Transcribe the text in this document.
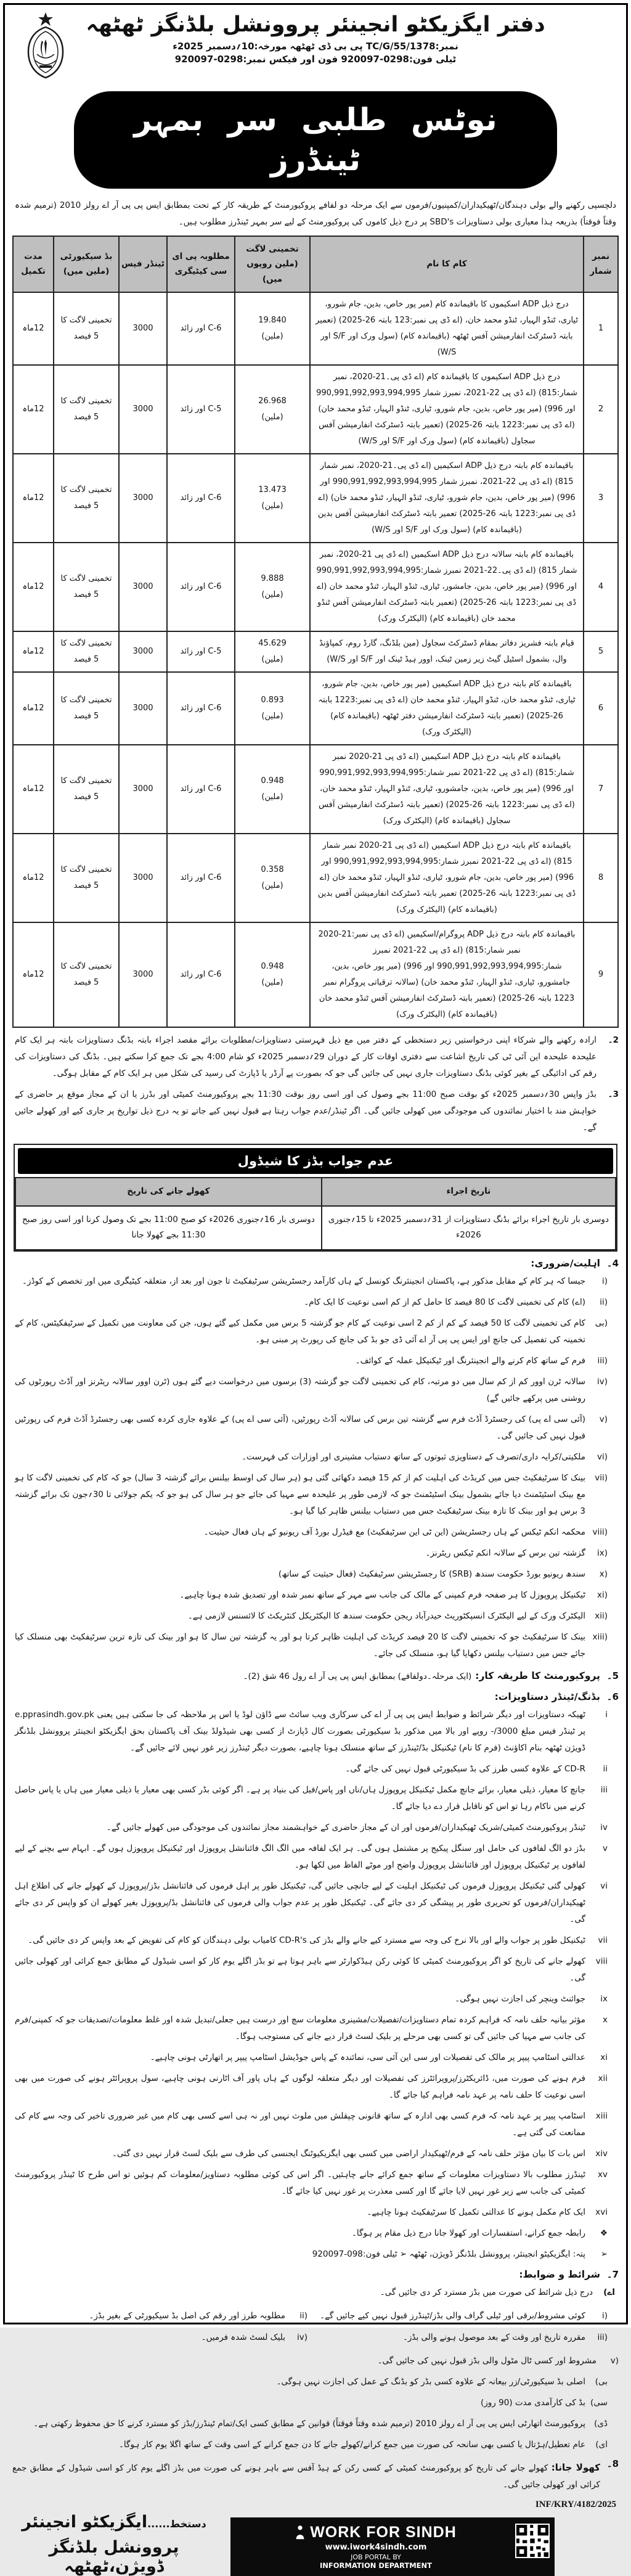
دفتر ایگزیکٹو انجینئر پروونشل بلڈنگز ٹھٹھہ
نمبر:TC/G/55/1378 پی بی ڈی ٹھٹھہ مورخہ:10؍دسمبر 2025ء
ٹیلی فون:0298-920097 فون اور فیکس نمبر:0298-920097
نوٹس طلبی سر بمہر ٹینڈرز

دلچسپی رکھنے والے بولی دہندگان/ٹھیکیداران/کمپنیوں/فرموں سے ایک مرحلہ دو لفافے پروکیورمنٹ کے طریقہ کار کے تحت بمطابق ایس پی پی آر اے رولز 2010 (ترمیم شدہ وقتاً فوقتاً) بذریعہ ہذا معیاری بولی دستاویزات SBD's پر درج ذیل کاموں کی پروکیورمنٹ کے لیے سر بمہر ٹینڈرز مطلوب ہیں۔

نمبر شمار	کام کا نام	تخمینی لاگت (ملین روپوں میں)	مطلوبہ پی ای سی کیٹیگری	ٹینڈر فیس	بڈ سیکیورٹی (ملین میں)	مدت تکمیل
1	درج ذیل ADP اسکیموں کا باقیماندہ کام (میر پور خاص، بدین، جام شورو، ٹیاری، ٹنڈو الہیار، ٹنڈو محمد خان، (اے ڈی پی نمبر:123 بابتہ 26-2025) (تعمیر بابتہ ڈسٹرکٹ انفارمیشن آفس ٹھٹھہ (باقیماندہ کام) (سول ورک اور S/F اور W/S)	19.840
(ملین)	C-6 اور زائد	3000	تخمینی لاگت کا 5 فیصد	12ماہ
2	درج ذیل ADP اسکیموں کا باقیماندہ کام (اے ڈی پی۔21-2020، نمبر شمار:815) (اے ڈی پی 22-2021، نمبرز شمار 990,991,992,993,994,995 اور 996) (میر پور خاص، بدین، جام شورو، ٹیاری، ٹنڈو الہیار، ٹنڈو محمد خان) (اے ڈی پی نمبر:1223 بابتہ 26-2025) (تعمیر بابتہ ڈسٹرکٹ انفارمیشن آفس سجاول (باقیماندہ کام) (سول ورک اور S/F اور W/S)	26.968
(ملین)	C-5 اور زائد	3000	تخمینی لاگت کا 5 فیصد	12ماہ
3	باقیماندہ کام بابتہ درج ذیل ADP اسکیمیں (اے ڈی پی۔21-2020، نمبر شمار 815) (اے ڈی پی 22-2021، نمبرز شمار 990,991,992,993,994,995 اور 996) (میر پور خاص، بدین، جام شورو، ٹیاری، ٹنڈو الہیار، ٹنڈو محمد خان) (اے ڈی پی نمبر:1223 بابتہ 26-2025) تعمیر بابتہ ڈسٹرکٹ انفارمیشن آفس بدین (باقیماندہ کام) (سول ورک اور S/F اور W/S)	13.473
(ملین)	C-6 اور زائد	3000	تخمینی لاگت کا 5 فیصد	12ماہ
4	باقیماندہ کام بابتہ سالانہ درج ذیل ADP اسکیمیں (اے ڈی پی 21-2020، نمبر شمار 815) (اے ڈی پی۔22-2021 نمبرز شمار:990,991,992,993,994,995 اور 996) (میر پور خاص، بدین، جامشور، ٹیاری، ٹنڈو الہیار، ٹنڈو محمد خان (اے ڈی پی نمبر:1223 بابتہ 26-2025) (تعمیر بابتہ ڈسٹرکٹ انفارمیشن آفس ٹنڈو محمد خان (باقیماندہ کام) (الیکٹرک ورک)	9.888
(ملین)	C-6 اور زائد	3000	تخمینی لاگت کا 5 فیصد	12ماہ
5	قیام بابتہ فشریز دفاتر بمقام ڈسٹرکٹ سجاول (مین بلڈنگ، گارڈ روم، کمپاؤنڈ وال، بشمول اسٹیل گیٹ زیر زمین ٹینک، اوور ہیڈ ٹینک اور S/F اور W/S)	45.629
(ملین)	C-5 اور زائد	3000	تخمینی لاگت کا 5 فیصد	12ماہ
6	باقیماندہ کام بابتہ درج ذیل ADP اسکیمیں (میر پور خاص، بدین، جام شورو، ٹیاری، ٹنڈو محمد خان، ٹنڈو الہیار، ٹنڈو محمد خان (اے ڈی پی نمبر:1223 بابتہ 26-2025) (تعمیر بابتہ ڈسٹرکٹ انفارمیشن دفتر ٹھٹھہ (باقیماندہ کام) (الیکٹرک ورک)	0.893
(ملین)	C-6 اور زائد	3000	تخمینی لاگت کا 5 فیصد	12ماہ
7	باقیماندہ کام بابتہ درج ذیل ADP اسکیمیں (اے ڈی پی 21-2020 نمبر شمار:815) (اے ڈی پی 22-2021 نمبر شمار:990,991,992,993,994,995 اور 996) (میر پور خاص، بدین، جامشورو، ٹیاری، ٹنڈو الہیار، ٹنڈو محمد خان، (اے ڈی پی نمبر:1223 بابتہ 26-2025) (تعمیر بابتہ ڈسٹرکٹ انفارمیشن آفس سجاول (باقیماندہ کام) (الیکٹرک ورک)	0.948
(ملین)	C-6 اور زائد	3000	تخمینی لاگت کا 5 فیصد	12ماہ
8	باقیماندہ کام بابتہ درج ذیل ADP اسکیمیں (اے ڈی پی 21-2020 نمبر شمار 815) (اے ڈی پی 22-2021 نمبرز شمار:990,991,992,993,994,995 اور 996) (میر پور خاص، بدین، جام شورو، ٹیاری، ٹنڈو الہیار، ٹنڈو محمد خان (اے ڈی پی نمبر:1223 بابتہ 26-2025) تعمیر بابتہ ڈسٹرکٹ انفارمیشن آفس بدین (باقیماندہ کام) (الیکٹرک ورک)	0.358
(ملین)	C-6 اور زائد	3000	تخمینی لاگت کا 5 فیصد	12ماہ
9	باقیماندہ کام بابتہ درج ذیل ADP پروگرام/اسکیمیں (اے ڈی پی نمبر:21-2020 نمبر شمار:815) (اے ڈی پی 22-2021 نمبرز شمار:990,991,992,993,994,995 اور 996) (میر پور خاص، بدین، جامشورو، ٹیاری، ٹنڈو الہیار، ٹنڈو محمد خان) (سالانہ ترقیاتی پروگرام نمبر 1223 بابتہ 26-2025) (تعمیر بابتہ ڈسٹرکٹ انفارمیشن آفس ٹنڈو محمد خان (باقیماندہ کام) (الیکٹرک ورک)	0.948
(ملین)	C-6 اور زائد	3000	تخمینی لاگت کا 5 فیصد	12ماہ
2۔
ارادہ رکھنے والے شرکاء اپنی درخواستیں زیر دستخطی کے دفتر میں مع ذیل فہرستی دستاویزات/مطلوبات برائے مقصد اجراء بابتہ بڈنگ دستاویزات بابتہ ہر ایک کام علیحدہ علیحدہ این آئی ٹی کی تاریخ اشاعت سے دفتری اوقات کار کے دوران 29؍دسمبر 2025ء کو شام 4:00 بجے تک جمع کرا سکتے ہیں۔ بڈنگ کی دستاویزات کی رقم کی ادائیگی کے بغیر کوئی بڈنگ دستاویزات جاری نہیں کی جائیں گی جو کہ بصورت پے آرڈر یا ڈپازٹ کی رسید کی شکل میں ہر ایک کام کے مقابل ہوگی۔
3۔
بڈز واپس 30؍دسمبر 2025ء کو بوقت صبح 11:00 بجے وصول کی اور اسی روز بوقت 11:30 بجے پروکیورمنٹ کمیٹی اور بڈرز یا ان کے مجاز موقع پر حاضری کے خواہش مند با اختیار نمائندوں کی موجودگی میں کھولی جائیں گی۔ اگر ٹینڈر/عدم جواب رہتا ہے قبول نہیں کیے جاتے تو یہ درج ذیل تواریخ پر جاری کیے اور کھولے جائیں گے۔
عدم جواب بڈز کا شیڈول
تاریخ اجراء	کھولے جانے کی تاریخ
دوسری بار تاریخ اجراء برائے بڈنگ دستاویزات از 31؍دسمبر 2025ء تا 15؍جنوری 2026ء	دوسری بار 16؍جنوری 2026ء کو صبح 11:00 بجے تک وصول کرنا اور اسی روز صبح 11:30 بجے کھولا جانا
4۔
اہلیت/ضروری:
(i
جیسا کہ ہر کام کے مقابل مذکور ہے، پاکستان انجینئرنگ کونسل کے ہاں کارآمد رجسٹریشن سرٹیفکیٹ تا جون اور بعد از، متعلقہ کیٹیگری میں اور تخصص کے کوڈز۔
(ii
(اے) کام کی تخمینی لاگت کا 80 فیصد کا حامل کم از کم اسی نوعیت کا ایک کام۔
(بی
کام کی تخمینی لاگت کا 50 فیصد کے کم از کم 2 اسی نوعیت کے کام جو گزشتہ 5 برس میں مکمل کیے گئے ہوں، جن کی معاونت میں تکمیل کے سرٹیفکیٹس، کام کے تخمینہ کی تفصیل کی جانچ اور ایس پی پی آر اے آئی ڈی جو بڈ کی جانچ کی رپورٹ پر مبنی ہو۔
(iii
فرم کے ساتھ کام کرنے والے انجینئرنگ اور ٹیکنیکل عملہ کے کوائف۔
(iv
سالانہ ٹرن اوور کم از کم سال میں دو مرتبہ، کام کی تخمینی لاگت جو گزشتہ (3) برسوں میں درخواست دیے گئے ہوں (ٹرن اوور سالانہ ریٹرنز اور آڈٹ رپورٹوں کی روشنی میں پرکھے جائیں گے)
(v
(آئی سی اے پی) کی رجسٹرڈ آڈٹ فرم سے گزشتہ تین برس کی سالانہ آڈٹ رپورٹیں، (آئی سی اے پی) کے علاوہ جاری کردہ کسی بھی رجسٹرڈ آڈٹ فرم کی رپورٹیں قبول نہیں کی جائیں گی۔
(vi
ملکیتی/کرایہ داری/تصرف کے دستاویزی ثبوتوں کے ساتھ دستیاب مشینری اور اوزارات کی فہرست۔
(vii
بینک کا سرٹیفکیٹ جس میں کریڈٹ کی اہلیت کم از کم 15 فیصد دکھائی گئی ہو (ہر سال کی اوسط بیلنس برائے گزشتہ 3 سال) جو کہ کام کی تخمینی لاگت کا ہو مع بینک اسٹیٹمنٹ دیا جائے بشمول بینک اسٹیٹمنٹ جو کہ لازمی طور پر علیحدہ سے مہیا کی جائے جو ہر سال کی ہو جو کہ یکم جولائی تا 30؍جون تک برائے گزشتہ 3 برس ہو اور بینک کا تازہ بینک سرٹیفکیٹ جس میں دستیاب بیلنس ظاہر کیا گیا ہو۔
(viii
محکمہ انکم ٹیکس کے ہاں رجسٹریشن (این ٹی این سرٹیفکیٹ) مع فیڈرل بورڈ آف ریونیو کے ہاں فعال حیثیت۔
(ix
گزشتہ تین برس کے سالانہ انکم ٹیکس ریٹرنز۔
(x
سندھ ریونیو بورڈ حکومت سندھ (SRB) کا رجسٹریشن سرٹیفکیٹ (فعال حیثیت کے ساتھ)
(xi
ٹیکنیکل پروپوزل کا ہر صفحہ فرم کمپنی کے مالک کی جانب سے مہر کے ساتھ نمبر شدہ اور تصدیق شدہ ہونا چاہیے۔
(xii
الیکٹرک ورک کے لیے الیکٹرک انسپکٹوریٹ حیدرآباد ریجن حکومت سندھ کا الیکٹریکل کنٹریکٹ کا لائسنس لازمی ہے۔
(xiii
بینک کا سرٹیفکیٹ جو کہ تخمینی لاگت کا 20 فیصد کریڈٹ کی اہلیت ظاہر کرتا ہو اور یہ گزشتہ تین سال کا ہو اور بینک کی تازہ ترین سرٹیفکیٹ بھی منسلک کیا جائے جس میں دستیاب بیلنس دکھایا گیا ہو، منسلک کی جائے۔
5۔
پروکیورمنٹ کا طریقہ کار:
(ایک مرحلہ۔دولفافے) بمطابق ایس پی پی آر اے رول 46 شق (2)۔
6۔
بڈنگ/ٹینڈر دستاویزات:
i
ٹھیکہ دستاویزات اور دیگر شرائط و ضوابط ایس پی پی آر اے کی سرکاری ویب سائٹ سے ڈاؤن لوڈ یا اس پر ملاحظہ کی جا سکتی ہیں یعنی e.pprasindh.gov.pk پر ٹینڈر فیس مبلغ 3000/- روپے اور بالا میں مذکور بڈ سیکیورٹی بصورت کال ڈپازٹ از کسی بھی شیڈولڈ بینک آف پاکستان بحق ایگزیکٹو انجینئر پروونشل بلڈنگز ڈویژن ٹھٹھہ بنام اکاؤنٹ (فرم کا نام) ٹیکنیکل بڈ/ٹینڈرز کے ساتھ منسلک ہونا چاہیے، بصورت دیگر ٹینڈرز زیر غور نہیں لائے جائیں گے۔
ii
CD-R کے علاوہ کسی طرز کی بڈ سیکیورٹی قبول نہیں کی جائے گی۔
iii
جانچ کا معیار، ذیلی معیار، برائے جانچ مکمل ٹیکنیکل پروپوزل ہاں/ناں اور پاس/فیل کی بنیاد پر ہے۔ اگر کوئی بڈر کسی بھی معیار یا ذیلی معیار میں ہاں یا پاس حاصل کرنے میں ناکام رہا تو اس کو ناقابل قرار دے دیا جائے گا۔
iv
ٹینڈر پروکیورمنٹ کمیٹی/شریک ٹھیکیداران/فرموں اور ان کے مجاز حاضری کے خواہشمند مجاز نمائندوں کی موجودگی میں کھولے جائیں گے۔
v
بڈز دو الگ لفافوں کی حامل اور سنگل پیکیج پر مشتمل ہوں گی۔ ہر ایک لفافہ میں الگ الگ فائنانشل پروپوزل اور ٹیکنیکل پروپوزل ہوں گے۔ ابہام سے بچنے کے لیے لفافوں پر ٹیکنیکل پروپوزل اور فائنانشل پروپوزل واضح اور موٹے الفاظ میں لکھا ہو۔
vi
کھولی گئی ٹیکنیکل پروپوزل فرموں کی ٹیکنیکل اہلیت کے لیے جانچی جائیں گی، ٹیکنیکل طور پر اہل فرموں کی فائنانشل بڈز/پروپوزل کے کھولے جانے کی اطلاع اہل ٹھیکیداران/فرموں کو تحریری طور پر پیشگی کر دی جائے گی۔ ٹیکنیکل طور پر عدم جواب والی فرموں کی فائنانشل بڈ/پروپوزل بغیر کھولے ان کو واپس کر دی جائے گی۔
vii
ٹیکنیکل طور پر جواب والے اور بالا نرخ کی وجہ سے مسترد کیے جانے والے بڈز کی CD-R's کامیاب بولی دہندگان کو کام کی تفویض کے بعد واپس کر دی جائیں گی۔
viii
کھولے جانے کی تاریخ کو اگر پروکیورمنٹ کمیٹی کا کوئی رکن ہیڈکوارٹر سے باہر ہوتا ہے تو بڈز اگلے یوم کار کو اسی شیڈول کے مطابق جمع کرائی اور کھولی جائیں گی۔
ix
جوائنٹ وینچر کی اجازت نہیں ہوگی۔
x
مؤثر بیانیہ حلف نامہ کہ فراہم کردہ تمام دستاویزات/تفصیلات/مشینری معلومات سچ اور درست ہیں جعلی/تبدیل شدہ اور غلط معلومات/تصدیقات جو کہ کمپنی/فرم کی جانب سے مہیا کی جائیں گی تو کسی بھی مرحلے پر بلیک لسٹ قرار دیے جانے کی مستوجب ہوگا۔
xi
عدالتی اسٹامپ پیپر پر مالک کی تفصیلات اور سی این آئی سی، نمائندہ کے پاس جوڈیشل اسٹامپ پیپر پر اتھارٹی ہونی چاہیے۔
xii
فرم ہونے کی صورت میں، ڈائریکٹرز/پروپرائٹرز کی تفصیلات اور دیگر متعلقہ لوگوں کے ہاں پاور آف اٹارنی ہونی چاہیے، سول پروپرائٹر ہونے کی صورت میں بھی اسی نوعیت کا حلف نامہ پر عہد نامہ فراہم کیا جائے گا۔
xiii
اسٹامپ پیپر پر عہد نامہ کہ فرم کسی بھی ادارہ کے ساتھ قانونی چپقلش میں ملوث نہیں اور نہ ہی اسے کسی بھی کام میں غیر ضروری تاخیر کی وجہ سے کام کی ممانعت کی گئی ہے۔
xiv
اس بات کا بیان مؤثر حلف نامہ کے فرم/ٹھیکیدار اراضی میں کسی بھی ایگزیکیوٹنگ ایجنسی کی طرف سے بلیک لسٹ قرار نہیں دی گئی۔
xv
ٹینڈرز مطلوب بالا دستاویزات معلومات کے ساتھ جمع کرائے جانے چاہئیں۔ اگر اس کی کوئی مطلوبہ دستاویز/معلومات کم ہوئیں تو اس طرح کا ٹینڈر پروکیورمنٹ کمیٹی کی جانب سے زیر غور نہیں لایا جائے گا اور کسی معذرت پر غور نہیں کیا جائے گا۔
xvi
ایک کام مکمل ہونے کا عدالتی تکمیل کا سرٹیفکیٹ ہونا چاہیے۔
❖
رابطہ جمع کرانے، استفسارات اور کھولا جانا درج ذیل مقام پر ہوگا۔
➢
پتہ: ایگزیکیٹو انجینئر، پروونشل بلڈنگز ڈویژن، ٹھٹھہ ➢ ٹیلی فون:098-920097
7۔
شرائط و ضوابط:
اے)
درج ذیل شرائط کی صورت میں بڈز مسترد کر دی جائیں گی۔
(i
کوئی مشروط/برقی اور ٹیلی گراف والی بڈز/ٹینڈرز قبول نہیں کیے جائیں گے۔
(ii
مطلوبہ طرز اور رقم کی اصل بڈ سیکیورٹی کے بغیر بڈز۔
(iii
مقررہ تاریخ اور وقت کے بعد موصول ہونے والی بڈز۔
(iv
بلیک لسٹ شدہ فرمیں۔
(v
مشروط اور کسی ٹال مٹول والی بڈز قبول نہیں کی جائیں گی۔
بی)
اصلی بڈ سیکیورٹی/زر بیعانہ کے علاوہ کسی بڈر کو بڈنگ کے عمل کی اجازت نہیں ہوگی۔
سی)
بڈ کی کارآمدی مدت (90 روز)
ڈی)
پروکیورمنٹ اتھارٹی ایس پی پی آر اے رولز 2010 (ترمیم شدہ وقتاً فوقتاً) قوانین کے مطابق کسی ایک/تمام ٹینڈرز/بڈز کو مسترد کرنے کا حق محفوظ رکھتی ہے۔
ای)
عام تعطیل/ہڑتال یا کسی بھی سانحہ کی صورت میں جمع کرانے/کھولے جانے کا دن جمع کرانے کے اسی وقت کے ساتھ اگلا یوم کار ہوگا۔
8۔
کھولا جانا: کھولے جانے کی تاریخ کو پروکیورمنٹ کمیٹی کے کسی رکن کے ہیڈ آفس سے باہر ہونے کی صورت میں بڈز اگلے یوم کار کو اسی شیڈول کے مطابق جمع کرائی اور کھولی جائیں گی۔
INF/KRY/4182/2025
دستخط......ایگزیکٹو انجینئر
پروونشل بلڈنگز ڈویژن،ٹھٹھہ
WORK FOR SINDH
www.iwork4sindh.com
JOB PORTAL BY
INFORMATION DEPARTMENT
